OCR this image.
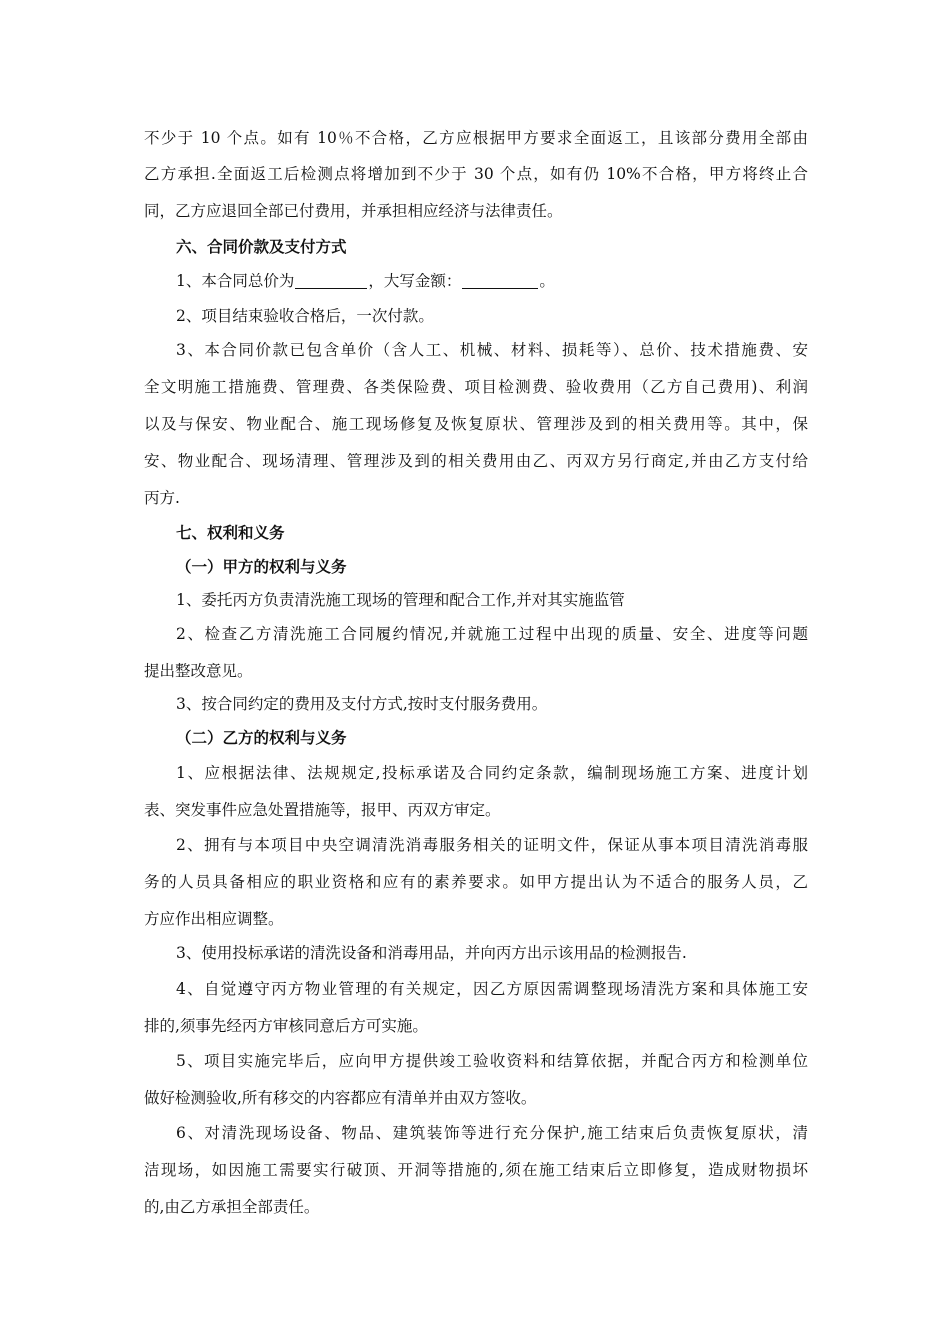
不少于 10 个点。如有 10％不合格，乙方应根据甲方要求全面返工，且该部分费用全部由
乙方承担.全面返工后检测点将增加到不少于 30 个点，如有仍 10%不合格，甲方将终止合
同，乙方应退回全部已付费用，并承担相应经济与法律责任。
六、合同价款及支付方式
1、本合同总价为	，大写金额：	。
2、项目结束验收合格后，一次付款。
3、本合同价款已包含单价（含人工、机械、材料、损耗等）、总价、技术措施费、安
全文明施工措施费、管理费、各类保险费、项目检测费、验收费用（乙方自己费用)、利润
以及与保安、物业配合、施工现场修复及恢复原状、管理涉及到的相关费用等。其中，保
安、物业配合、现场清理、管理涉及到的相关费用由乙、丙双方另行商定,并由乙方支付给
丙方.
七、权利和义务
（一）甲方的权利与义务
1、委托丙方负责清洗施工现场的管理和配合工作,并对其实施监管
2、检查乙方清洗施工合同履约情况,并就施工过程中出现的质量、安全、进度等问题
提出整改意见。
3、按合同约定的费用及支付方式,按时支付服务费用。
（二）乙方的权利与义务
1、应根据法律、法规规定,投标承诺及合同约定条款，编制现场施工方案、进度计划
表、突发事件应急处置措施等，报甲、丙双方审定。
2、拥有与本项目中央空调清洗消毒服务相关的证明文件，保证从事本项目清洗消毒服
务的人员具备相应的职业资格和应有的素养要求。如甲方提出认为不适合的服务人员，乙
方应作出相应调整。
3、使用投标承诺的清洗设备和消毒用品，并向丙方出示该用品的检测报告.
4、自觉遵守丙方物业管理的有关规定，因乙方原因需调整现场清洗方案和具体施工安
排的,须事先经丙方审核同意后方可实施。
5、项目实施完毕后，应向甲方提供竣工验收资料和结算依据，并配合丙方和检测单位
做好检测验收,所有移交的内容都应有清单并由双方签收。
6、对清洗现场设备、物品、建筑装饰等进行充分保护,施工结束后负责恢复原状，清
洁现场，如因施工需要实行破顶、开洞等措施的,须在施工结束后立即修复，造成财物损坏
的,由乙方承担全部责任。
